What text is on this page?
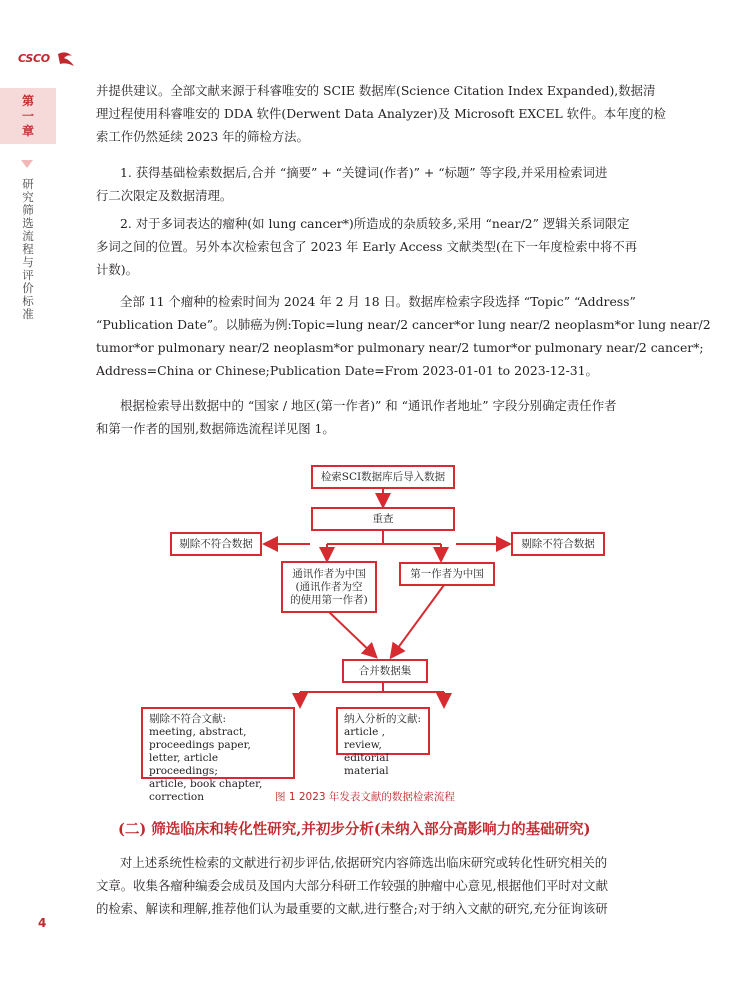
CSCO
第一章
研究筛选流程与评价标准
并提供建议。全部文献来源于科睿唯安的 SCIE 数据库(Science Citation Index Expanded),数据清
理过程使用科睿唯安的 DDA 软件(Derwent Data Analyzer)及 Microsoft EXCEL 软件。本年度的检
索工作仍然延续 2023 年的筛检方法。
1. 获得基础检索数据后,合并 “摘要” + “关键词(作者)” + “标题” 等字段,并采用检索词进
行二次限定及数据清理。
2. 对于多词表达的瘤种(如 lung cancer*)所造成的杂质较多,采用 “near/2” 逻辑关系词限定
多词之间的位置。另外本次检索包含了 2023 年 Early Access 文献类型(在下一年度检索中将不再
计数)。
全部 11 个瘤种的检索时间为 2024 年 2 月 18 日。数据库检索字段选择 “Topic” “Address”
“Publication Date”。以肺癌为例:Topic=lung near/2 cancer*or lung near/2 neoplasm*or lung near/2
tumor*or pulmonary near/2 neoplasm*or pulmonary near/2 tumor*or pulmonary near/2 cancer*;
Address=China or Chinese;Publication Date=From 2023-01-01 to 2023-12-31。
根据检索导出数据中的 “国家 / 地区(第一作者)” 和 “通讯作者地址” 字段分别确定责任作者
和第一作者的国别,数据筛选流程详见图 1。
检索SCI数据库后导入数据
重查
剔除不符合数据	剔除不符合数据
通讯作者为中国
(通讯作者为空
的使用第一作者)
第一作者为中国
合并数据集
剔除不符合文献:
meeting, abstract,
proceedings paper,
letter, article proceedings;
article, book chapter, correction
纳入分析的文献:
article , review,
editorial material
图 1 2023 年发表文献的数据检索流程
(二) 筛选临床和转化性研究,并初步分析(未纳入部分高影响力的基础研究)
对上述系统性检索的文献进行初步评估,依据研究内容筛选出临床研究或转化性研究相关的
文章。收集各瘤种编委会成员及国内大部分科研工作较强的肿瘤中心意见,根据他们平时对文献
的检索、解读和理解,推荐他们认为最重要的文献,进行整合;对于纳入文献的研究,充分征询该研
4
